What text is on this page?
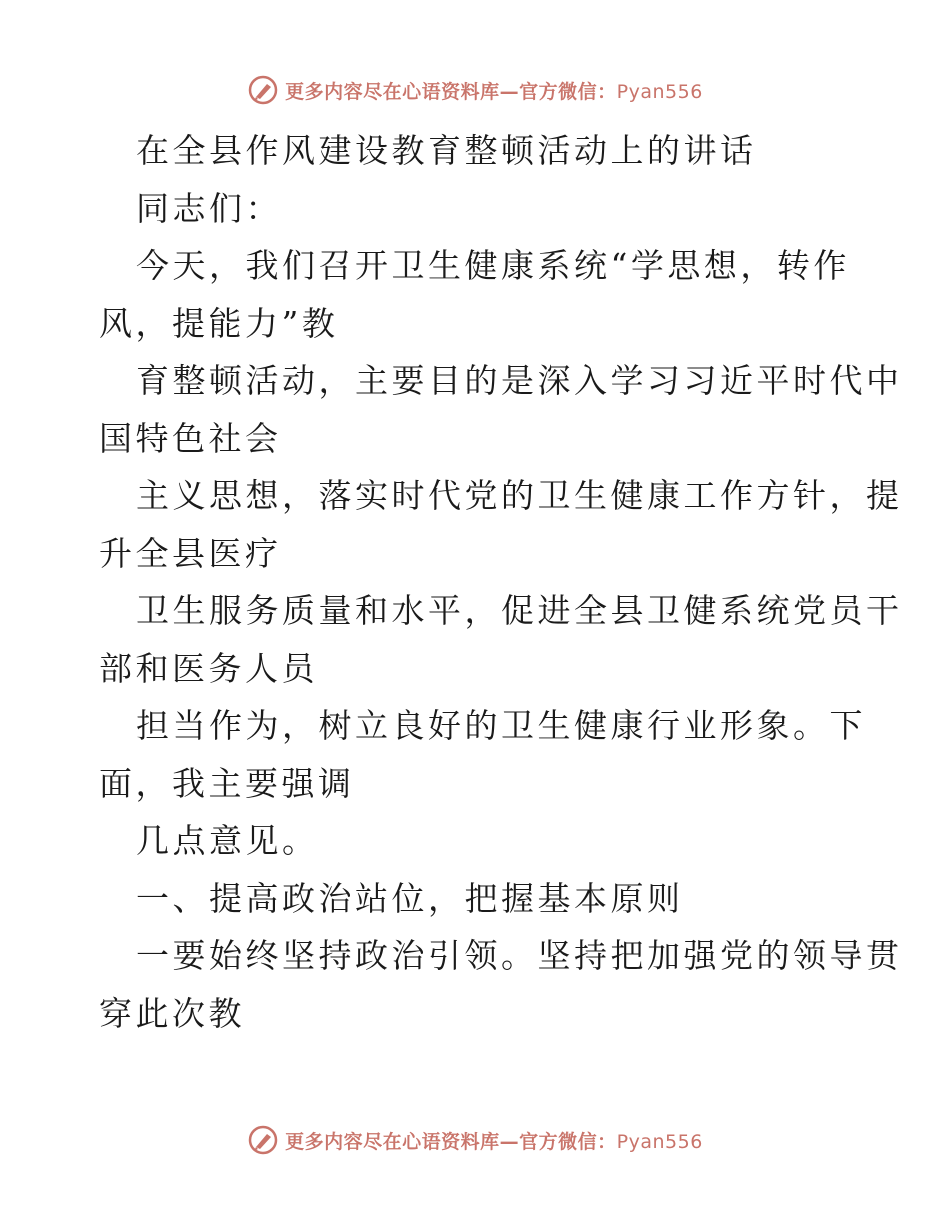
更多内容尽在心语资料库—官方微信：Pyan556

在全县作风建设教育整顿活动上的讲话

同志们：

今天，我们召开卫生健康系统“学思想，转作

风，提能力”教

育整顿活动，主要目的是深入学习习近平时代中

国特色社会

主义思想，落实时代党的卫生健康工作方针，提

升全县医疗

卫生服务质量和水平，促进全县卫健系统党员干

部和医务人员

担当作为，树立良好的卫生健康行业形象。下

面，我主要强调

几点意见。

一、提高政治站位，把握基本原则

一要始终坚持政治引领。坚持把加强党的领导贯

穿此次教

更多内容尽在心语资料库—官方微信：Pyan556
